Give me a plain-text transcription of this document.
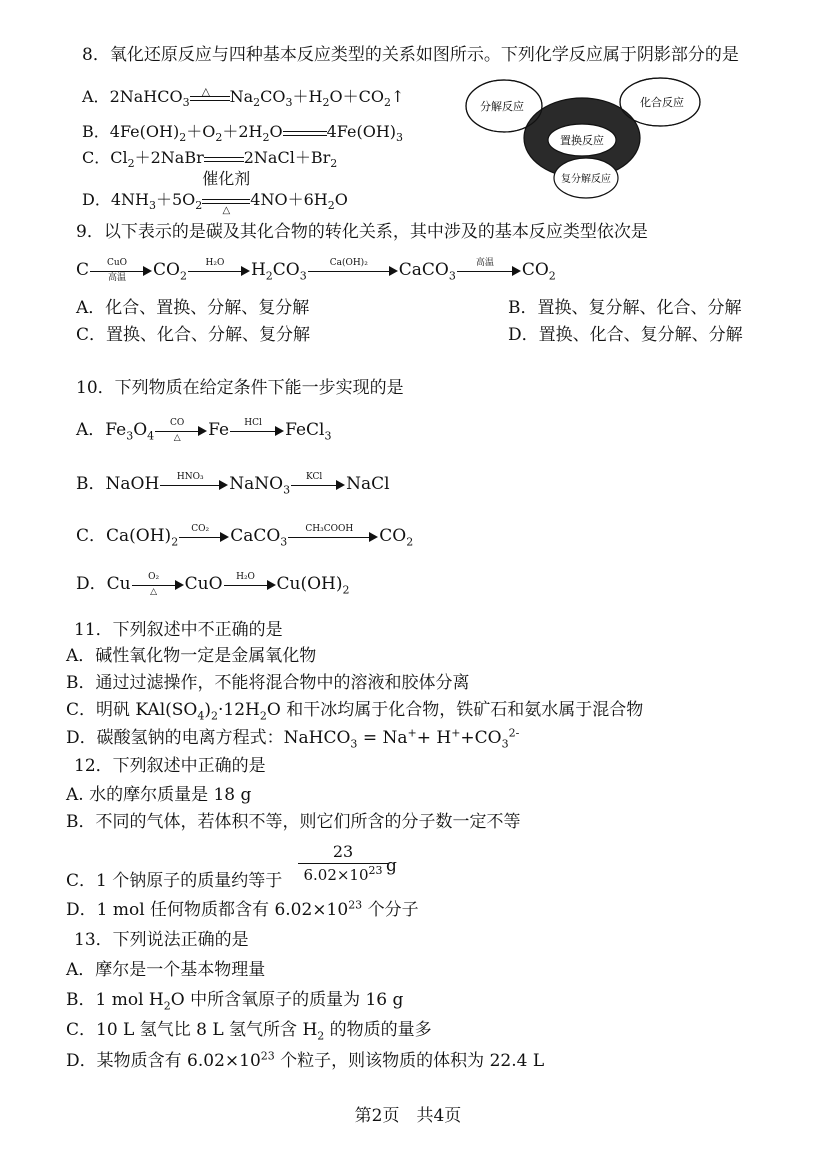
8．氧化还原反应与四种基本反应类型的关系如图所示。下列化学反应属于阴影部分的是
A．2NaHCO$_3$
△ $Na_2CO_3+H_2O+CO_2↑$
B．$4Fe(OH)_2+O_2+2H_2O$	$4Fe(OH)_3$
C．$Cl_2+2NaBr$	$2NaCl+Br_2$
D．$4NH_3+5O_2$
催化剂
△
$4NO+6H_2O$
分解反应	化合反应
置换反应
复分解反应
9．以下表示的是碳及其化合物的转化关系，其中涉及的基本反应类型依次是
C	CuO
高温	$CO_2$
H₂O	$H_2CO_3$
Ca(OH)₂	CaCO$_3$
高温	$CO_2$
A．化合、置换、分解、复分解	B．置换、复分解、化合、分解
C．置换、化合、分解、复分解	D．置换、化合、复分解、分解
10．下列物质在给定条件下能一步实现的是
A．$Fe_3O_4$
CO
△	Fe	HCl	FeCl$_3$
B．NaOH	HNO₃	NaNO$_3$
KCl	NaCl
C．$Ca(OH)_2$
CO₂	CaCO$_3$
CH₃COOH	$CO_2$
D．Cu	O₂
△	CuO	H₂O	$Cu(OH)_2$
11．下列叙述中不正确的是
A．碱性氧化物一定是金属氧化物
B．通过过滤操作，不能将混合物中的溶液和胶体分离
C．明矾 $KAl(SO_4)_2\cdot 12H_2O$ 和干冰均属于化合物，铁矿石和氨水属于混合物
D．碳酸氢钠的电离方程式：NaHCO$_3$ = $Na^++ H^++CO_3^{2-}$
12．下列叙述中正确的是
A. 水的摩尔质量是 18 g
B．不同的气体，若体积不等，则它们所含的分子数一定不等
C．1 个钠原子的质量约等于
23
$6.02\times 10^{23}$ g
D．1 mol 任何物质都含有 $6.02\times 10^{23}$ 个分子
13．下列说法正确的是
A．摩尔是一个基本物理量
B．1 mol $H_2O$ 中所含氧原子的质量为 16 g
C．10 L 氢气比 8 L 氢气所含 $H_2$ 的物质的量多
D．某物质含有 $6.02\times 10^{23}$ 个粒子，则该物质的体积为 22.4 L
第2页　共4页
